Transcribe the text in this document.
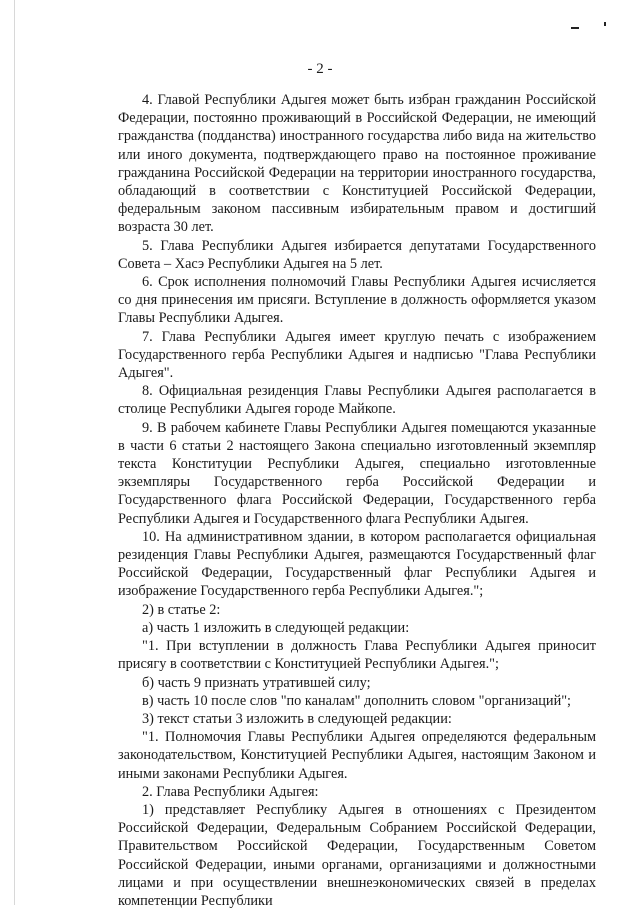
- 2 -

4. Главой Республики Адыгея может быть избран гражданин Российской Федерации, постоянно проживающий в Российской Федерации, не имеющий гражданства (подданства) иностранного государства либо вида на жительство или иного документа, подтверждающего право на постоянное проживание гражданина Российской Федерации на территории иностранного государства, обладающий в соответствии с Конституцией Российской Федерации, федеральным законом пассивным избирательным правом и достигший возраста 30 лет.

5. Глава Республики Адыгея избирается депутатами Государственного Совета – Хасэ Республики Адыгея на 5 лет.

6. Срок исполнения полномочий Главы Республики Адыгея исчисляется со дня принесения им присяги. Вступление в должность оформляется указом Главы Республики Адыгея.

7. Глава Республики Адыгея имеет круглую печать с изображением Государственного герба Республики Адыгея и надписью "Глава Республики Адыгея".

8. Официальная резиденция Главы Республики Адыгея располагается в столице Республики Адыгея городе Майкопе.

9. В рабочем кабинете Главы Республики Адыгея помещаются указанные в части 6 статьи 2 настоящего Закона специально изготовленный экземпляр текста Конституции Республики Адыгея, специально изготовленные экземпляры Государственного герба Российской Федерации и Государственного флага Российской Федерации, Государственного герба Республики Адыгея и Государственного флага Республики Адыгея.

10. На административном здании, в котором располагается официальная резиденция Главы Республики Адыгея, размещаются Государственный флаг Российской Федерации, Государственный флаг Республики Адыгея и изображение Государственного герба Республики Адыгея.";

2) в статье 2:

а) часть 1 изложить в следующей редакции:

"1. При вступлении в должность Глава Республики Адыгея приносит присягу в соответствии с Конституцией Республики Адыгея.";

б) часть 9 признать утратившей силу;

в) часть 10 после слов "по каналам" дополнить словом "организаций";

3) текст статьи 3 изложить в следующей редакции:

"1. Полномочия Главы Республики Адыгея определяются федеральным законодательством, Конституцией Республики Адыгея, настоящим Законом и иными законами Республики Адыгея.

2. Глава Республики Адыгея:

1) представляет Республику Адыгея в отношениях с Президентом Российской Федерации, Федеральным Собранием Российской Федерации, Правительством Российской Федерации, Государственным Советом Российской Федерации, иными органами, организациями и должностными лицами и при осуществлении внешнеэкономических связей в пределах компетенции Республики
